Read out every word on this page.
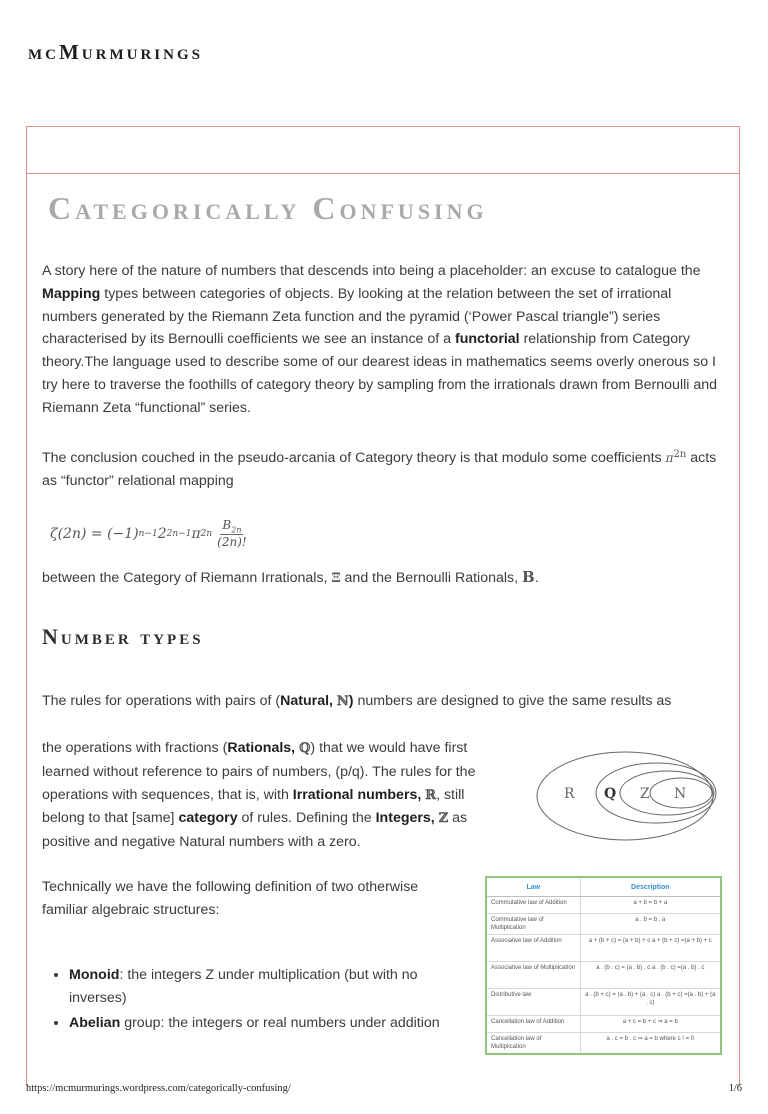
mcMurmurings
Categorically Confusing

A story here of the nature of numbers that descends into being a placeholder: an excuse to catalogue the Mapping types between categories of objects. By looking at the relation between the set of irrational numbers generated by the Riemann Zeta function and the pyramid (‘Power Pascal triangle”) series characterised by its Bernoulli coefficients we see an instance of a functorial relationship from Category theory.The language used to describe some of our dearest ideas in mathematics seems overly onerous so I try here to traverse the foothills of category theory by sampling from the irrationals drawn from Bernoulli and Riemann Zeta “functional” series.

The conclusion couched in the pseudo-arcania of Category theory is that modulo some coefficients $\pi^{2n}$ acts as “functor” relational mapping

ζ(2n) = (−1) n−1 2 2n−1 π $2n \frac{B_{2n}}{(2n)!}$

between the Category of Riemann Irrationals, Ξ and the Bernoulli Rationals, B.

Number types

The rules for operations with pairs of (Natural, ℕ) numbers are designed to give the same results as

the operations with fractions (Rationals, ℚ) that we would have first learned without reference to pairs of numbers, (p/q). The rules for the operations with sequences, that is, with Irrational numbers, ℝ, still belong to that [same] category of rules. Defining the Integers, ℤ as positive and negative Natural numbers with a zero.

R Q Z N

Technically we have the following definition of two otherwise familiar algebraic structures:

Law	Description
Commutative law of Addition	a + b = b + a
Commutative law of Multiplication	a . b = b . a
Associative law of Addition	a + (b + c) = (a + b) + c a + (b + c) =(a + b) + c
Associative law of Multiplication	a . (b . c) = (a . b) . c a . (b . c) =(a . b) . c
Distributive law	a . (b + c) = (a . b) + (a . c) a . (b + c) =(a . b) + (a . c)
Cancellation law of Addition	a + c = b + c ⇒ a = b
Cancellation law of Multiplication	a . c = b . c ⇒ a = b where c ! = 0
• Monoid: the integers Z under multiplication (but with no inverses)
• Abelian group: the integers or real numbers under addition
https://mcmurmurings.wordpress.com/categorically-confusing/	1/6
